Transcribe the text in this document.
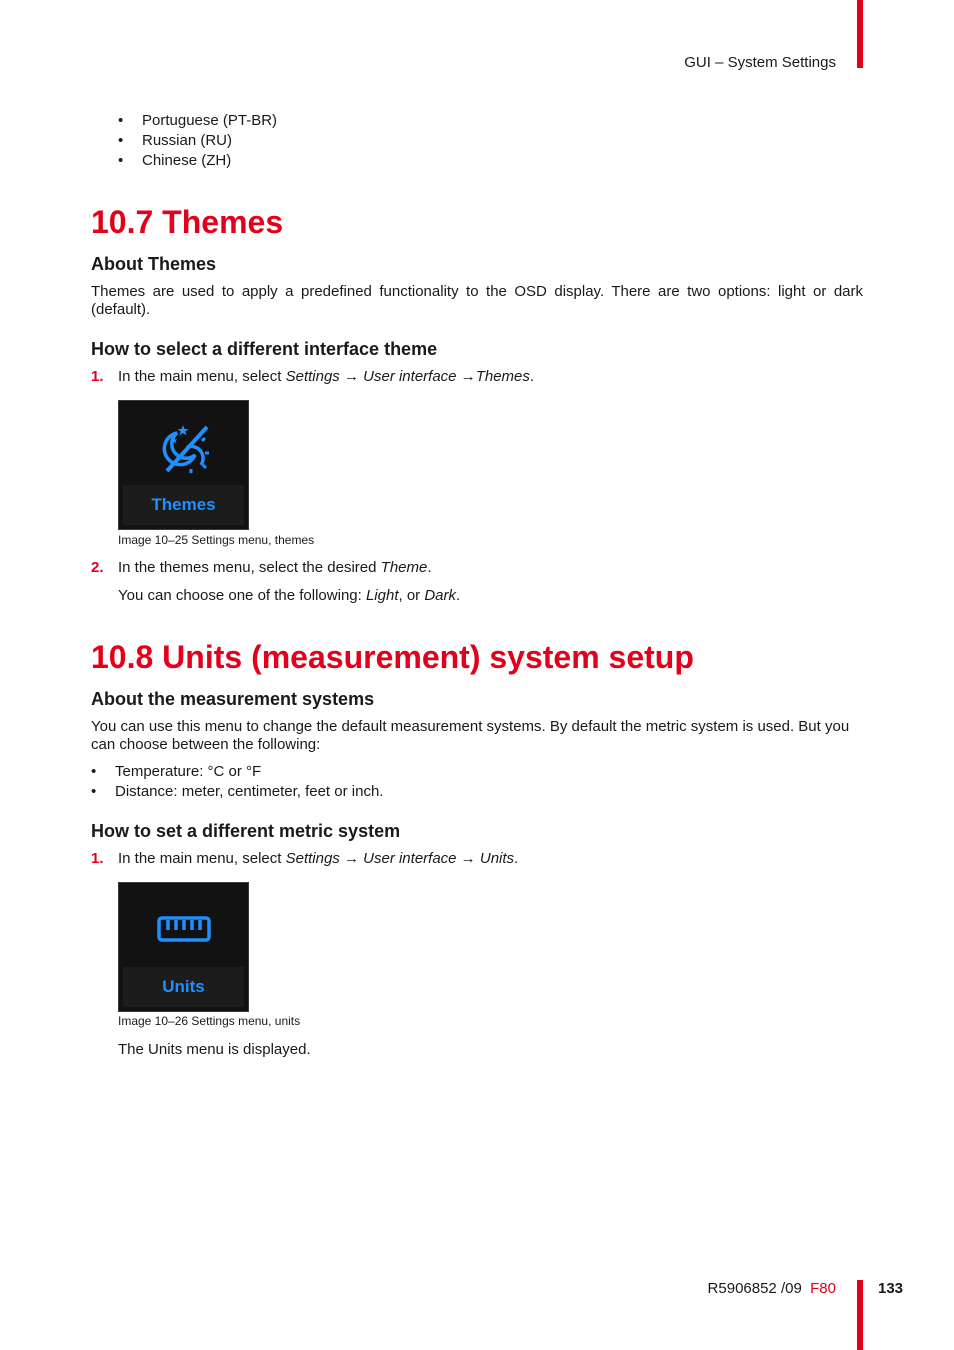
GUI – System Settings
• Portuguese (PT-BR)
• Russian (RU)
• Chinese (ZH)
10.7 Themes
About Themes

Themes are used to apply a predefined functionality to the OSD display. There are two options: light or dark (default).

How to select a different interface theme
1. In the main menu, select Settings → User interface →Themes.
Themes
Image 10–25 Settings menu, themes
2. In the themes menu, select the desired Theme.
You can choose one of the following: Light, or Dark.
10.8 Units (measurement) system setup
About the measurement systems

You can use this menu to change the default measurement systems. By default the metric system is used. But you can choose between the following:

• Temperature: °C or °F
• Distance: meter, centimeter, feet or inch.
How to set a different metric system
1. In the main menu, select Settings → User interface → Units.
Units
Image 10–26 Settings menu, units
The Units menu is displayed.
R5906852 /09 F80	133
